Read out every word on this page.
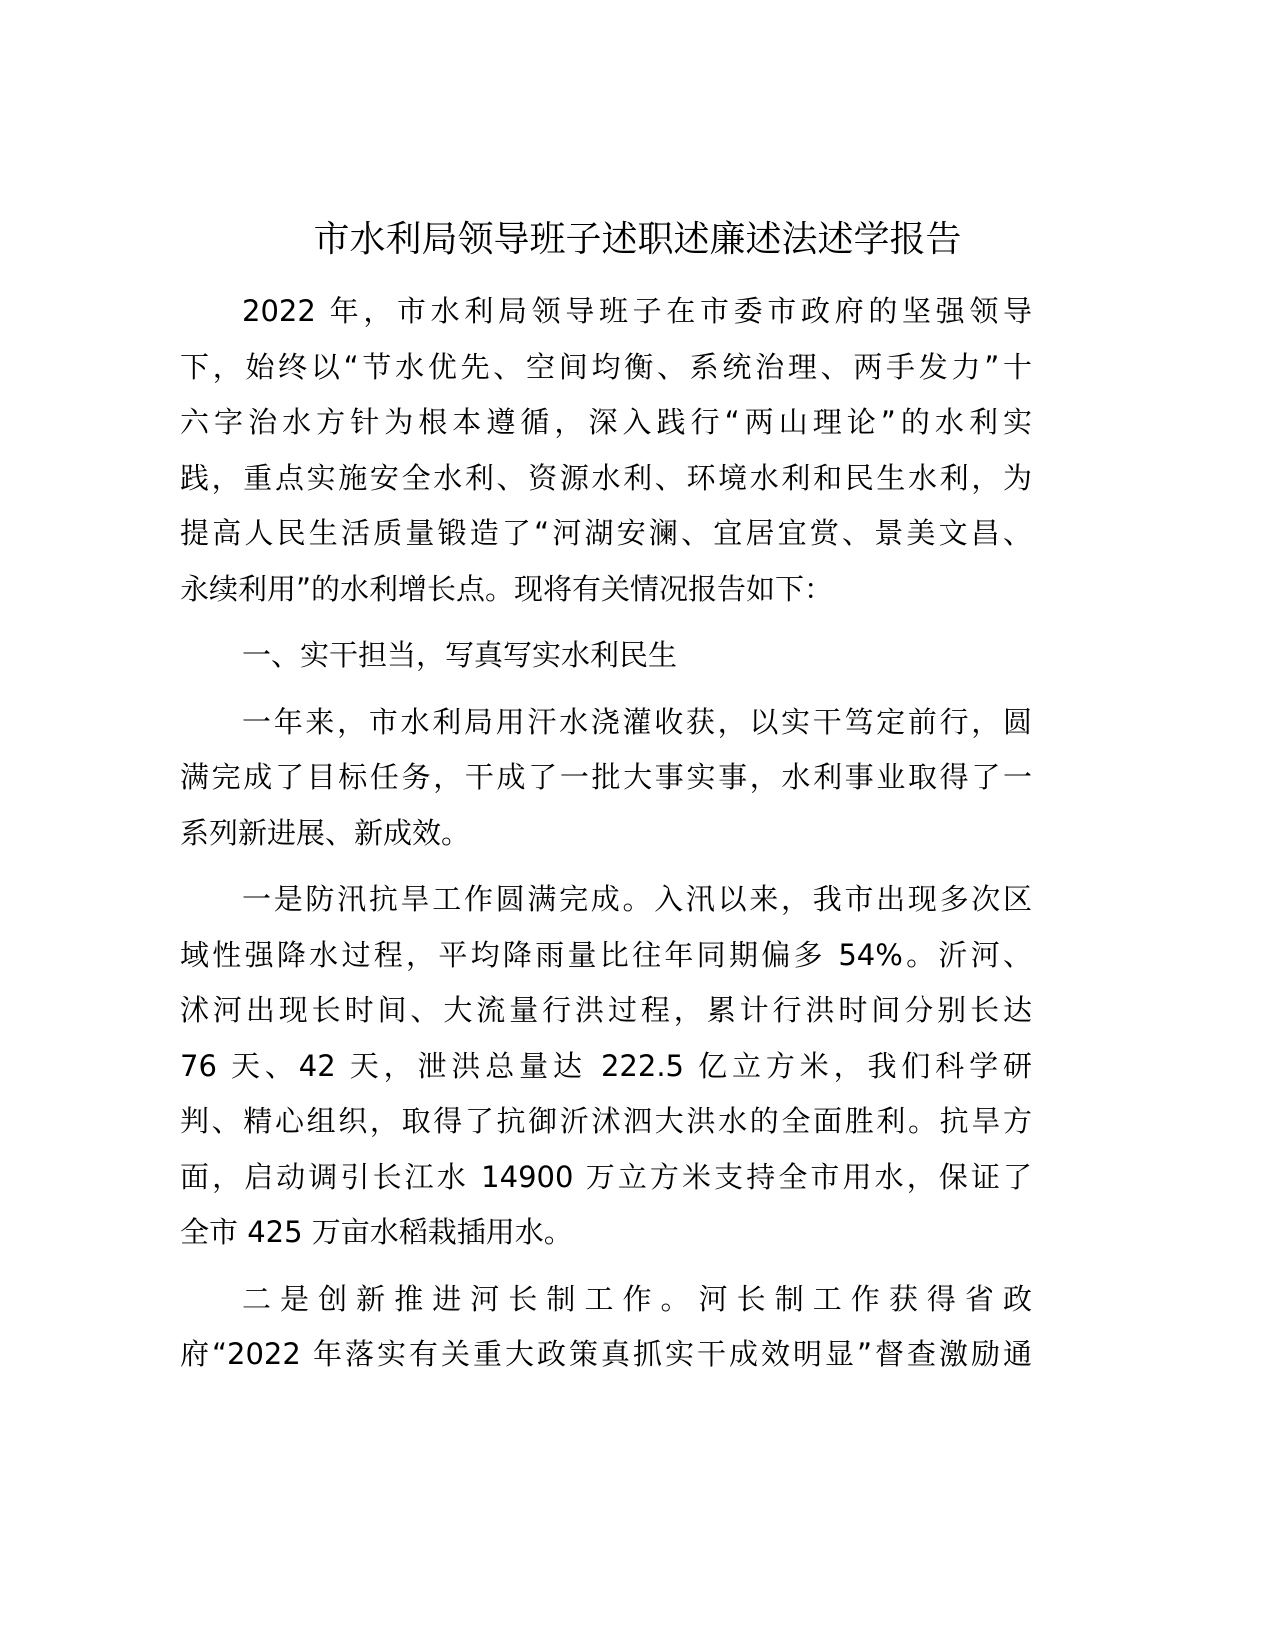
市水利局领导班子述职述廉述法述学报告
2022 年，市水利局领导班子在市委市政府的坚强领导
下，始终以“节水优先、空间均衡、系统治理、两手发力”十
六字治水方针为根本遵循，深入践行“两山理论”的水利实
践，重点实施安全水利、资源水利、环境水利和民生水利，为
提高人民生活质量锻造了“河湖安澜、宜居宜赏、景美文昌、
永续利用”的水利增长点。现将有关情况报告如下：
一、实干担当，写真写实水利民生
一年来，市水利局用汗水浇灌收获，以实干笃定前行，圆
满完成了目标任务，干成了一批大事实事，水利事业取得了一
系列新进展、新成效。
一是防汛抗旱工作圆满完成。入汛以来，我市出现多次区
域性强降水过程，平均降雨量比往年同期偏多 54%。沂河、
沭河出现长时间、大流量行洪过程，累计行洪时间分别长达
76 天、42 天，泄洪总量达 222.5 亿立方米，我们科学研
判、精心组织，取得了抗御沂沭泗大洪水的全面胜利。抗旱方
面，启动调引长江水 14900 万立方米支持全市用水，保证了
全市 425 万亩水稻栽插用水。
二是创新推进河长制工作。河长制工作获得省政
府“2022 年落实有关重大政策真抓实干成效明显”督查激励通
